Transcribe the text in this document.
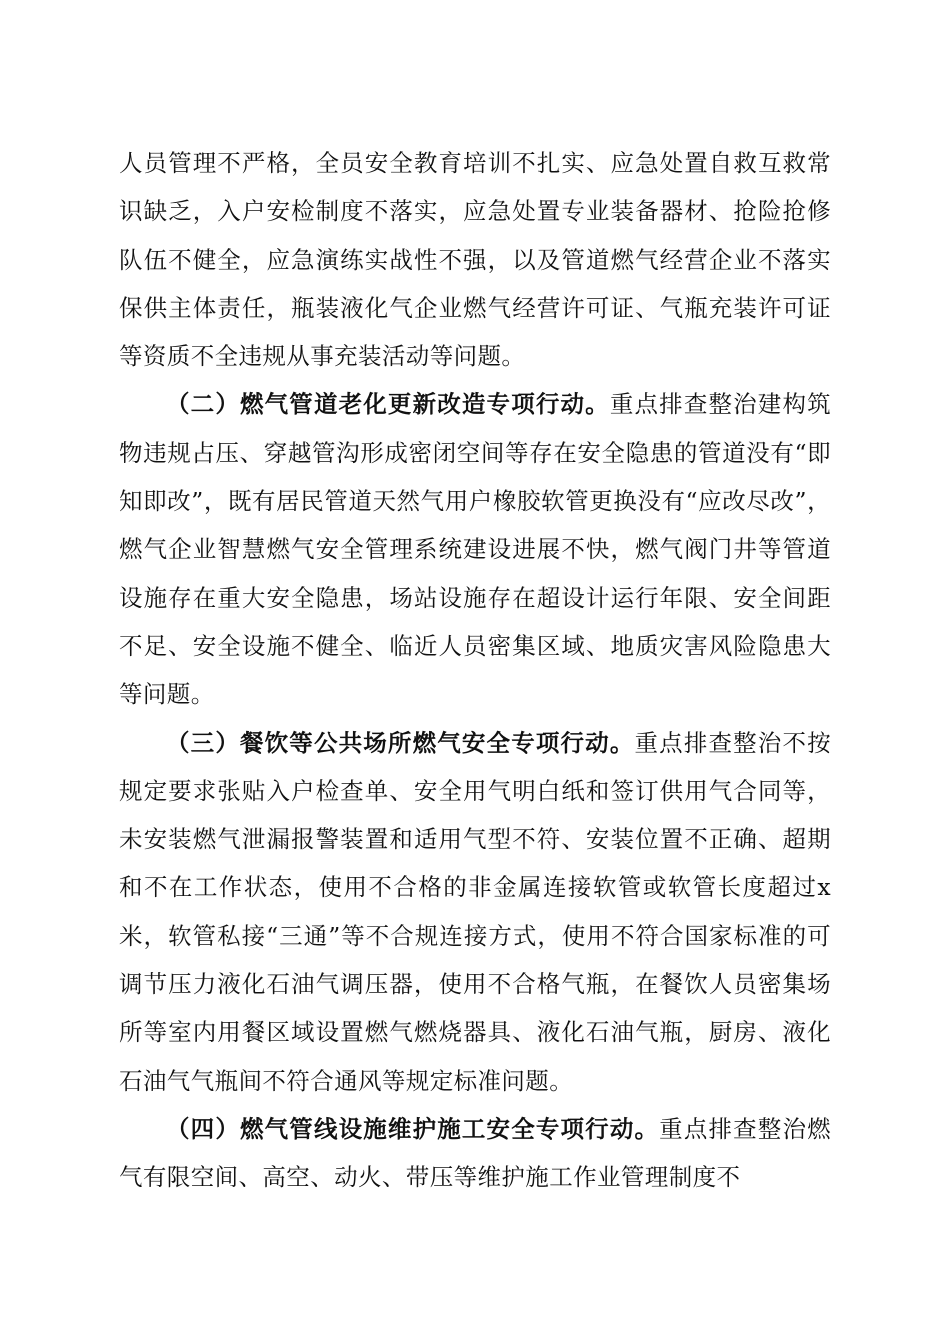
人员管理不严格，全员安全教育培训不扎实、应急处置自救互救常识缺乏，入户安检制度不落实，应急处置专业装备器材、抢险抢修队伍不健全，应急演练实战性不强，以及管道燃气经营企业不落实保供主体责任，瓶装液化气企业燃气经营许可证、气瓶充装许可证等资质不全违规从事充装活动等问题。

（二）燃气管道老化更新改造专项行动。重点排查整治建构筑物违规占压、穿越管沟形成密闭空间等存在安全隐患的管道没有“即知即改”，既有居民管道天然气用户橡胶软管更换没有“应改尽改”，燃气企业智慧燃气安全管理系统建设进展不快，燃气阀门井等管道设施存在重大安全隐患，场站设施存在超设计运行年限、安全间距不足、安全设施不健全、临近人员密集区域、地质灾害风险隐患大等问题。

（三）餐饮等公共场所燃气安全专项行动。重点排查整治不按规定要求张贴入户检查单、安全用气明白纸和签订供用气合同等，未安装燃气泄漏报警装置和适用气型不符、安装位置不正确、超期和不在工作状态，使用不合格的非金属连接软管或软管长度超过x米，软管私接“三通”等不合规连接方式，使用不符合国家标准的可调节压力液化石油气调压器，使用不合格气瓶，在餐饮人员密集场所等室内用餐区域设置燃气燃烧器具、液化石油气瓶，厨房、液化石油气气瓶间不符合通风等规定标准问题。

（四）燃气管线设施维护施工安全专项行动。重点排查整治燃气有限空间、高空、动火、带压等维护施工作业管理制度不
